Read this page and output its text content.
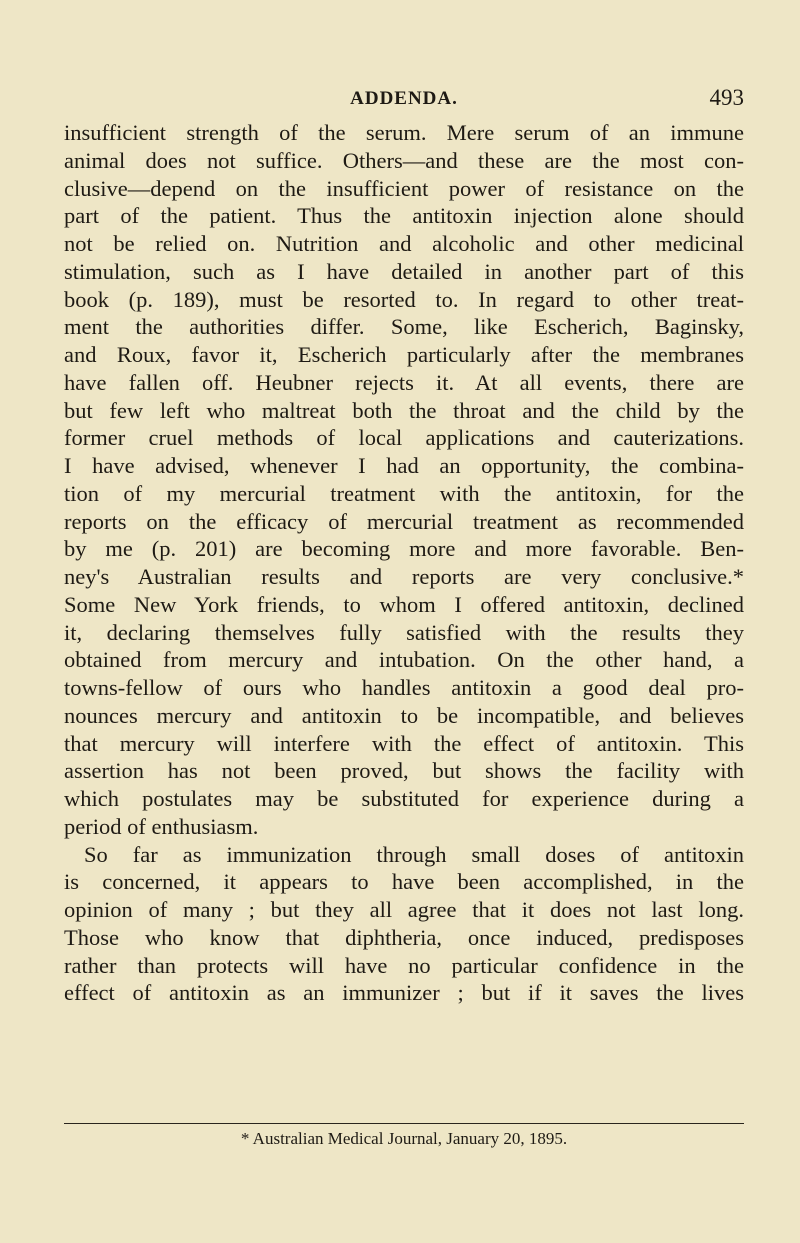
ADDENDA.	493
insufficient strength of the serum. Mere serum of an immune
animal does not suffice. Others—and these are the most con-
clusive—depend on the insufficient power of resistance on the
part of the patient. Thus the antitoxin injection alone should
not be relied on. Nutrition and alcoholic and other medicinal
stimulation, such as I have detailed in another part of this
book (p. 189), must be resorted to. In regard to other treat-
ment the authorities differ. Some, like Escherich, Baginsky,
and Roux, favor it, Escherich particularly after the membranes
have fallen off. Heubner rejects it. At all events, there are
but few left who maltreat both the throat and the child by the
former cruel methods of local applications and cauterizations.
I have advised, whenever I had an opportunity, the combina-
tion of my mercurial treatment with the antitoxin, for the
reports on the efficacy of mercurial treatment as recommended
by me (p. 201) are becoming more and more favorable. Ben-
ney's Australian results and reports are very conclusive.*
Some New York friends, to whom I offered antitoxin, declined
it, declaring themselves fully satisfied with the results they
obtained from mercury and intubation. On the other hand, a
towns-fellow of ours who handles antitoxin a good deal pro-
nounces mercury and antitoxin to be incompatible, and believes
that mercury will interfere with the effect of antitoxin. This
assertion has not been proved, but shows the facility with
which postulates may be substituted for experience during a
period of enthusiasm.
So far as immunization through small doses of antitoxin
is concerned, it appears to have been accomplished, in the
opinion of many ; but they all agree that it does not last long.
Those who know that diphtheria, once induced, predisposes
rather than protects will have no particular confidence in the
effect of antitoxin as an immunizer ; but if it saves the lives
* Australian Medical Journal, January 20, 1895.
